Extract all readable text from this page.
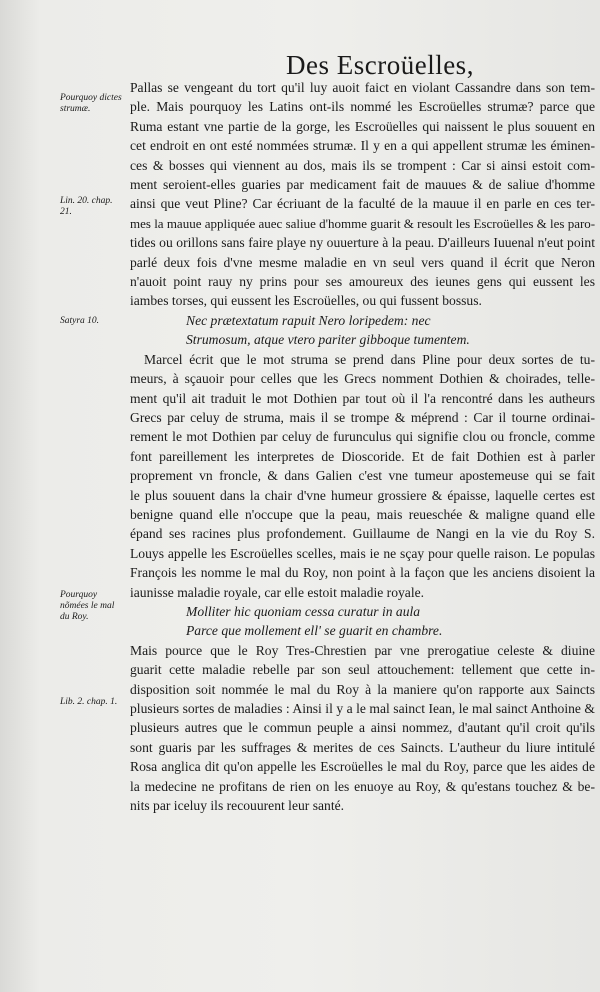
Des Escroüelles,
Pourquoy dictes strumæ.
Lin. 20. chap. 21.
Satyra 10.
Pourquoy nõmées le mal du Roy.
Lib. 2. chap. 1.
Pallas se vengeant du tort qu'il luy auoit faict en violant Cassandre dans son tem-
ple. Mais pourquoy les Latins ont-ils nommé les Escroüelles strumæ? parce que
Ruma estant vne partie de la gorge, les Escroüelles qui naissent le plus souuent en
cet endroit en ont esté nommées strumæ. Il y en a qui appellent strumæ les éminen-
ces & bosses qui viennent au dos, mais ils se trompent : Car si ainsi estoit com-
ment seroient-elles guaries par medicament fait de mauues & de saliue d'homme
ainsi que veut Pline? Car écriuant de la faculté de la mauue il en parle en ces ter-
mes la mauue appliquée auec saliue d'homme guarit & resoult les Escroüelles & les paro-
tides ou orillons sans faire playe ny ouuerture à la peau. D'ailleurs Iuuenal n'eut point
parlé deux fois d'vne mesme maladie en vn seul vers quand il écrit que Neron
n'auoit point rauy ny prins pour ses amoureux des ieunes gens qui eussent les
iambes torses, qui eussent les Escroüelles, ou qui fussent bossus.
Nec prætextatum rapuit Nero loripedem: nec
Strumosum, atque vtero pariter gibboque tumentem.
Marcel écrit que le mot struma se prend dans Pline pour deux sortes de tu-
meurs, à sçauoir pour celles que les Grecs nomment Dothien & choirades, telle-
ment qu'il ait traduit le mot Dothien par tout où il l'a rencontré dans les autheurs
Grecs par celuy de struma, mais il se trompe & méprend : Car il tourne ordinai-
rement le mot Dothien par celuy de furunculus qui signifie clou ou froncle, comme
font pareillement les interpretes de Dioscoride. Et de fait Dothien est à parler
proprement vn froncle, & dans Galien c'est vne tumeur apostemeuse qui se fait
le plus souuent dans la chair d'vne humeur grossiere & épaisse, laquelle certes est
benigne quand elle n'occupe que la peau, mais reueschée & maligne quand elle
épand ses racines plus profondement. Guillaume de Nangi en la vie du Roy S.
Louys appelle les Escroüelles scelles, mais ie ne sçay pour quelle raison. Le populas
François les nomme le mal du Roy, non point à la façon que les anciens disoient la
iaunisse maladie royale, car elle estoit maladie royale.
Molliter hic quoniam cessa curatur in aula
Parce que mollement ell' se guarit en chambre.
Mais pource que le Roy Tres-Chrestien par vne prerogatiue celeste & diuine
guarit cette maladie rebelle par son seul attouchement: tellement que cette in-
disposition soit nommée le mal du Roy à la maniere qu'on rapporte aux Saincts
plusieurs sortes de maladies : Ainsi il y a le mal sainct Iean, le mal sainct Anthoine &
plusieurs autres que le commun peuple a ainsi nommez, d'autant qu'il croit qu'ils
sont guaris par les suffrages & merites de ces Saincts. L'autheur du liure intitulé
Rosa anglica dit qu'on appelle les Escroüelles le mal du Roy, parce que les aides de
la medecine ne profitans de rien on les enuoye au Roy, & qu'estans touchez & be-
nits par iceluy ils recouurent leur santé.
